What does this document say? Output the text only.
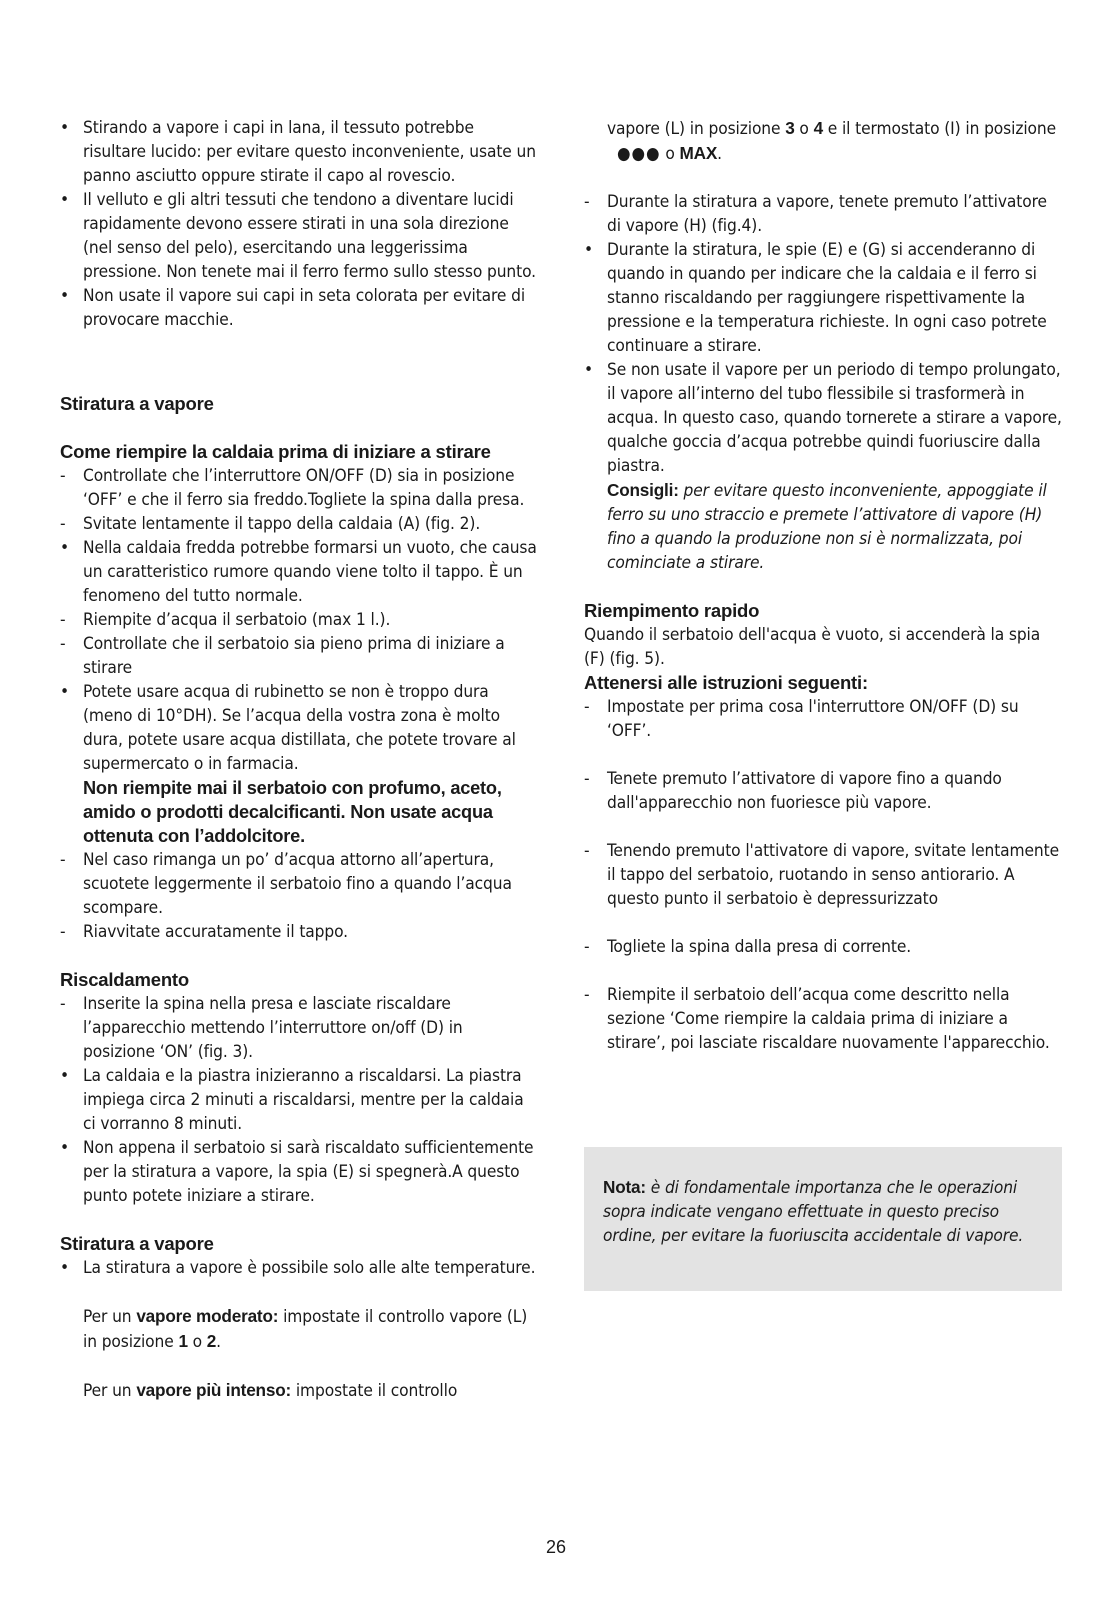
• Stirando a vapore i capi in lana, il tessuto potrebbe risultare lucido: per evitare questo inconveniente, usate un panno asciutto oppure stirate il capo al rovescio.
• Il velluto e gli altri tessuti che tendono a diventare lucidi rapidamente devono essere stirati in una sola direzione (nel senso del pelo), esercitando una leggerissima pressione. Non tenete mai il ferro fermo sullo stesso punto.
• Non usate il vapore sui capi in seta colorata per evitare di provocare macchie.
Stiratura a vapore
Come riempire la caldaia prima di iniziare a stirare
-	Controllate che l’interruttore ON/OFF (D) sia in posizione ‘OFF’ e che il ferro sia freddo.Togliete la spina dalla presa.
-	Svitate lentamente il tappo della caldaia (A) (fig. 2).
• Nella caldaia fredda potrebbe formarsi un vuoto, che causa un caratteristico rumore quando viene tolto il tappo. È un fenomeno del tutto normale.
-	Riempite d’acqua il serbatoio (max 1 l.).
-	Controllate che il serbatoio sia pieno prima di iniziare a stirare
• Potete usare acqua di rubinetto se non è troppo dura (meno di 10°DH). Se l’acqua della vostra zona è molto dura, potete usare acqua distillata, che potete trovare al supermercato o in farmacia.
Non riempite mai il serbatoio con profumo, aceto, amido o prodotti decalcificanti. Non usate acqua ottenuta con l’addolcitore.
-	Nel caso rimanga un po’ d’acqua attorno all’apertura, scuotete leggermente il serbatoio fino a quando l’acqua scompare.
-	Riavvitate accuratamente il tappo.
Riscaldamento
-	Inserite la spina nella presa e lasciate riscaldare l’apparecchio mettendo l’interruttore on/off (D) in posizione ‘ON’ (fig. 3).
• La caldaia e la piastra inizieranno a riscaldarsi. La piastra impiega circa 2 minuti a riscaldarsi, mentre per la caldaia ci vorranno 8 minuti.
• Non appena il serbatoio si sarà riscaldato sufficientemente per la stiratura a vapore, la spia (E) si spegnerà.A questo punto potete iniziare a stirare.
Stiratura a vapore
• La stiratura a vapore è possibile solo alle alte temperature.
Per un vapore moderato: impostate il controllo vapore (L) in posizione 1 o 2.
Per un vapore più intenso: impostate il controllo
vapore (L) in posizione 3 o 4 e il termostato (I) in posizione ●●● o MAX.
-	Durante la stiratura a vapore, tenete premuto l’attivatore di vapore (H) (fig.4).
• Durante la stiratura, le spie (E) e (G) si accenderanno di quando in quando per indicare che la caldaia e il ferro si stanno riscaldando per raggiungere rispettivamente la pressione e la temperatura richieste. In ogni caso potrete continuare a stirare.
• Se non usate il vapore per un periodo di tempo prolungato, il vapore all’interno del tubo flessibile si trasformerà in acqua. In questo caso, quando tornerete a stirare a vapore, qualche goccia d’acqua potrebbe quindi fuoriuscire dalla piastra.
Consigli: per evitare questo inconveniente, appoggiate il ferro su uno straccio e premete l’attivatore di vapore (H) fino a quando la produzione non si è normalizzata, poi cominciate a stirare.
Riempimento rapido
Quando il serbatoio dell'acqua è vuoto, si accenderà la spia (F) (fig. 5).
Attenersi alle istruzioni seguenti:
-	Impostate per prima cosa l'interruttore ON/OFF (D) su ‘OFF’.
-	Tenete premuto l’attivatore di vapore fino a quando dall'apparecchio non fuoriesce più vapore.
-	Tenendo premuto l'attivatore di vapore, svitate lentamente il tappo del serbatoio, ruotando in senso antiorario. A questo punto il serbatoio è depressurizzato
-	Togliete la spina dalla presa di corrente.
-	Riempite il serbatoio dell’acqua come descritto nella sezione ‘Come riempire la caldaia prima di iniziare a stirare’, poi lasciate riscaldare nuovamente l'apparecchio.
Nota: è di fondamentale importanza che le operazioni sopra indicate vengano effettuate in questo preciso ordine, per evitare la fuoriuscita accidentale di vapore.
26
